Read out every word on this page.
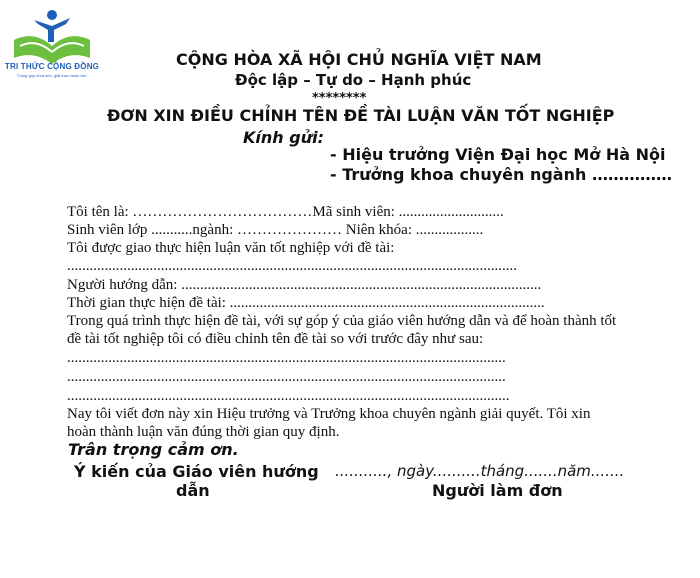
TRI THỨC CỘNG ĐỒNG
"Cùng góp chút sức, giải trọn muôn tồn"
CỘNG HÒA XÃ HỘI CHỦ NGHĨA VIỆT NAM
Độc lập – Tự do – Hạnh phúc
********
ĐƠN XIN ĐIỀU CHỈNH TÊN ĐỀ TÀI LUẬN VĂN TỐT NGHIỆP
Kính gửi:
- Hiệu trưởng Viện Đại học Mở Hà Nội
- Trưởng khoa chuyên ngành ……………
Tôi tên là: ………………………………Mã sinh viên: ............................
Sinh viên lớp ...........ngành: ………………… Niên khóa: ..................
Tôi được giao thực hiện luận văn tốt nghiệp với đề tài:
........................................................................................................................
Người hướng dẫn: ................................................................................................
Thời gian thực hiện đề tài: ....................................................................................
Trong quá trình thực hiện đề tài, với sự góp ý của giáo viên hướng dẫn và để hoàn thành tốt
đề tài tốt nghiệp tôi có điều chỉnh tên đề tài so với trước đây như sau:
.....................................................................................................................
.....................................................................................................................
......................................................................................................................
Nay tôi viết đơn này xin Hiệu trưởng và Trưởng khoa chuyên ngành giải quyết. Tôi xin
hoàn thành luận văn đúng thời gian quy định.
Trân trọng cảm ơn.
Ý kiến của Giáo viên hướng
dẫn
..........., ngày..........tháng.......năm.......
Người làm đơn
